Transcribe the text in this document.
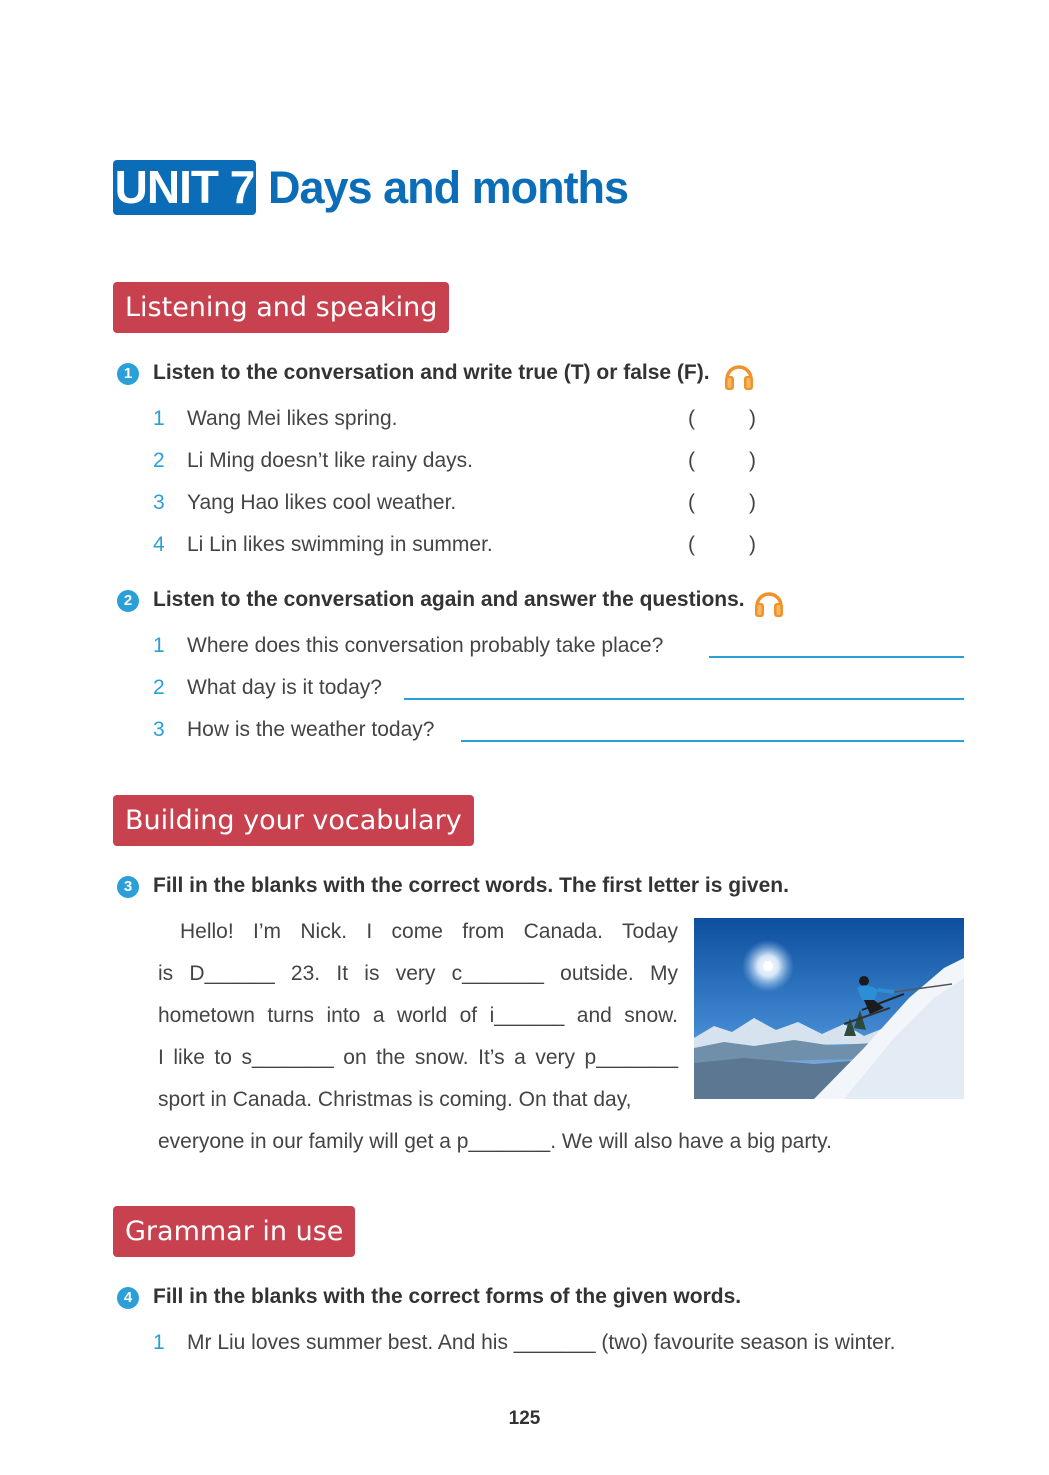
UNIT 7 Days and months
Listening and speaking
1 Listen to the conversation and write true (T) or false (F).
1	Wang Mei likes spring.	(	)
2	Li Ming doesn’t like rainy days.	(	)
3	Yang Hao likes cool weather.	(	)
4	Li Lin likes swimming in summer.	(	)
2 Listen to the conversation again and answer the questions.
1	Where does this conversation probably take place?
2	What day is it today?
3	How is the weather today?
Building your vocabulary
3 Fill in the blanks with the correct words. The first letter is given.
Hello! I’m Nick. I come from Canada. Today
is D______ 23. It is very c_______ outside. My
hometown turns into a world of i______ and snow.
I like to s_______ on the snow. It’s a very p_______
sport in Canada. Christmas is coming. On that day,
everyone in our family will get a p_______. We will also have a big party.
Grammar in use
4 Fill in the blanks with the correct forms of the given words.
1	Mr Liu loves summer best. And his _______ (two) favourite season is winter.
125
